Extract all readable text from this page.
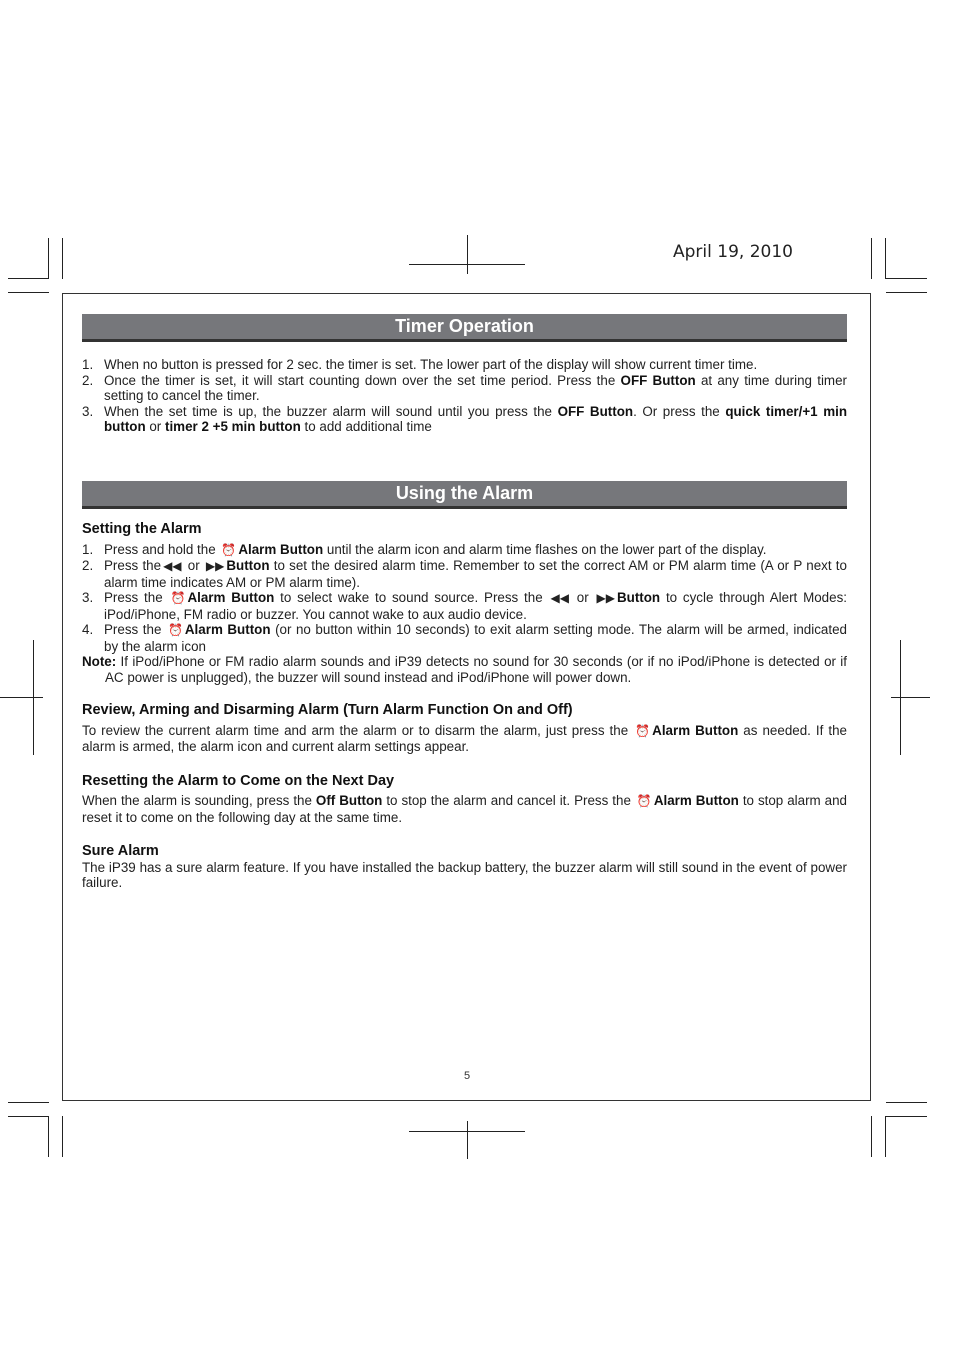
April 19, 2010
Timer Operation
1. When no button is pressed for 2 sec. the timer is set. The lower part of the display will show current timer time.
2. Once the timer is set, it will start counting down over the set time period. Press the OFF Button at any time during timer setting to cancel the timer.
3. When the set time is up, the buzzer alarm will sound until you press the OFF Button. Or press the quick timer/+1 min button or timer 2 +5 min button to add additional time
Using the Alarm
Setting the Alarm
1. Press and hold the ⏰ Alarm Button until the alarm icon and alarm time flashes on the lower part of the display.
2. Press the ◀◀ or ▶▶ Button to set the desired alarm time. Remember to set the correct AM or PM alarm time (A or P next to alarm time indicates AM or PM alarm time).
3. Press the ⏰ Alarm Button to select wake to sound source. Press the ◀◀ or ▶▶ Button to cycle through Alert Modes: iPod/iPhone, FM radio or buzzer. You cannot wake to aux audio device.
4. Press the ⏰ Alarm Button (or no button within 10 seconds) to exit alarm setting mode. The alarm will be armed, indicated by the alarm icon
Note: If iPod/iPhone or FM radio alarm sounds and iP39 detects no sound for 30 seconds (or if no iPod/iPhone is detected or if AC power is unplugged), the buzzer will sound instead and iPod/iPhone will power down.
Review, Arming and Disarming Alarm (Turn Alarm Function On and Off)
To review the current alarm time and arm the alarm or to disarm the alarm, just press the ⏰ Alarm Button as needed. If the alarm is armed, the alarm icon and current alarm settings appear.
Resetting the Alarm to Come on the Next Day
When the alarm is sounding, press the Off Button to stop the alarm and cancel it. Press the ⏰ Alarm Button to stop alarm and reset it to come on the following day at the same time.
Sure Alarm
The iP39 has a sure alarm feature. If you have installed the backup battery, the buzzer alarm will still sound in the event of power failure.
5
